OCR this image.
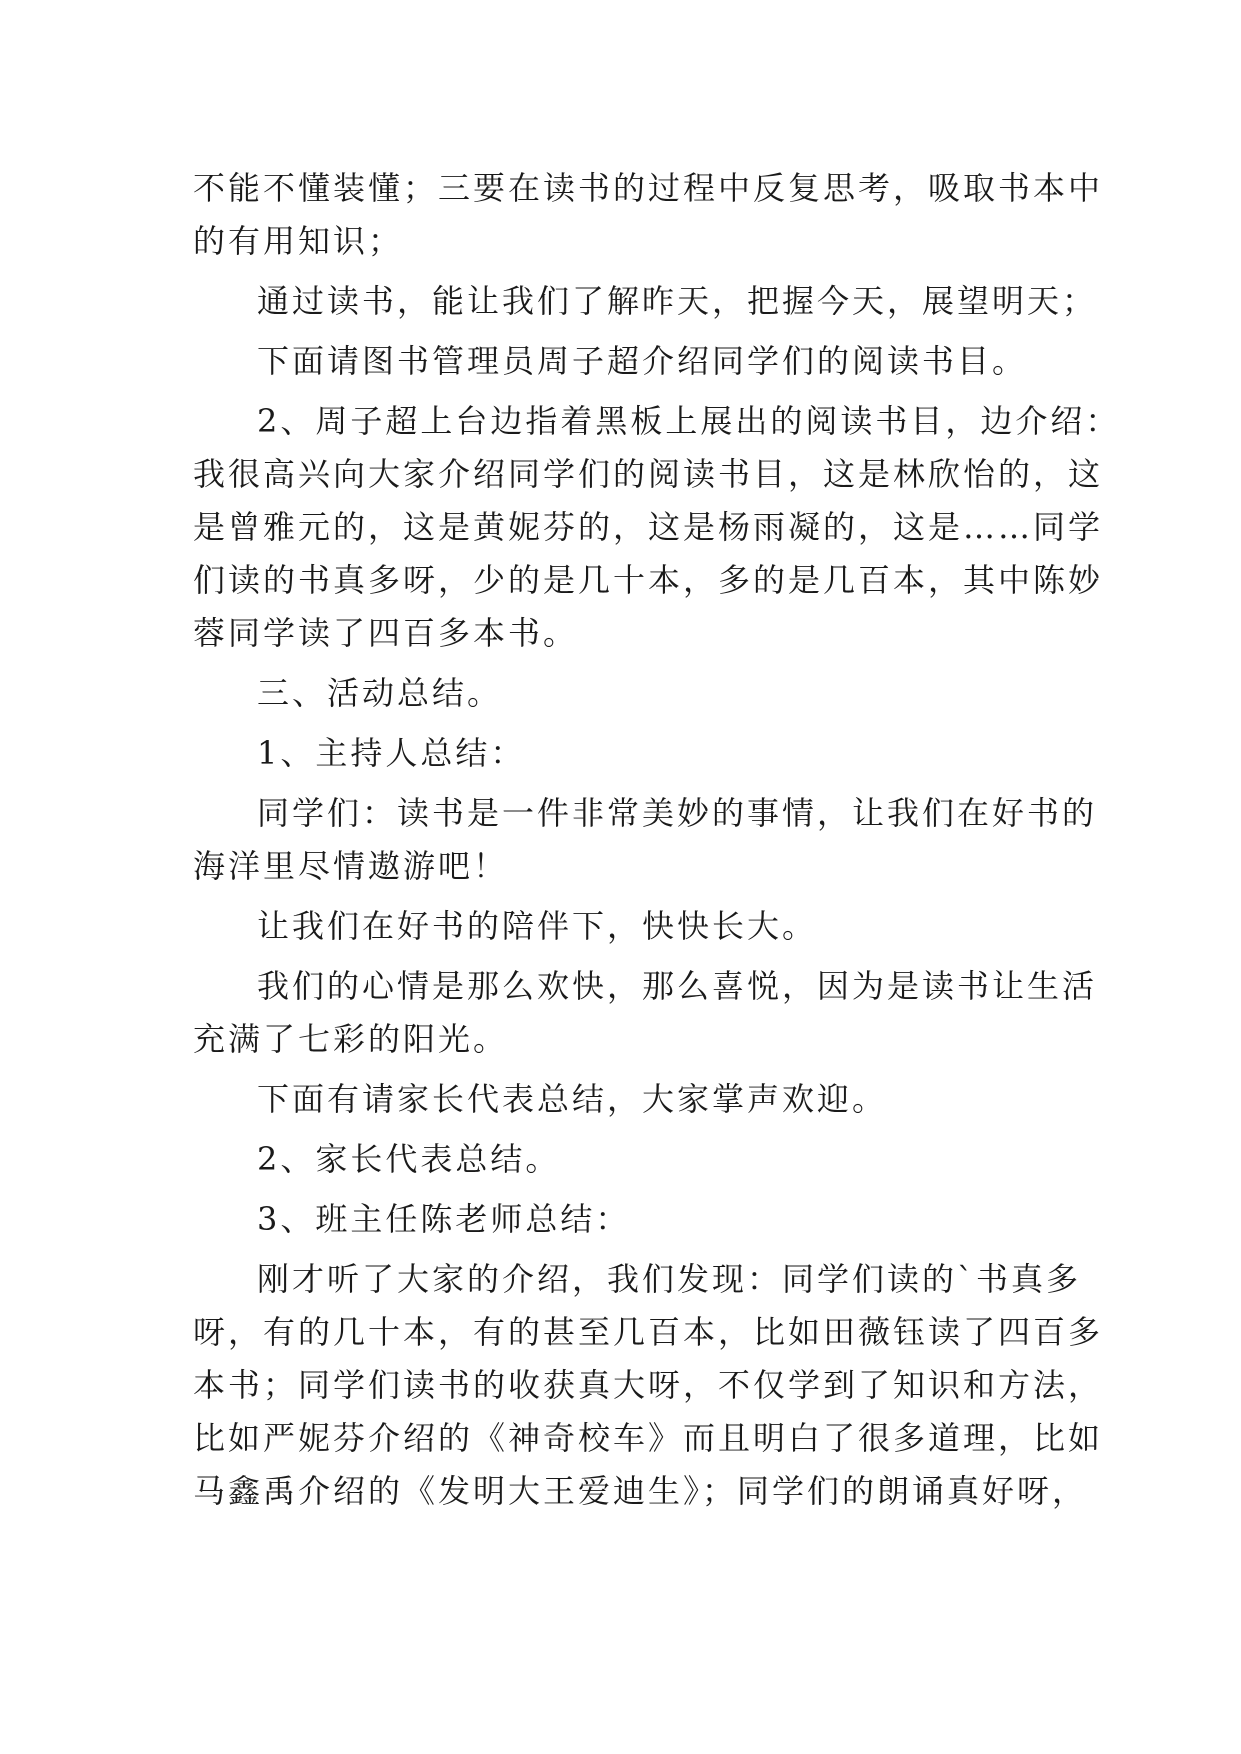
不能不懂装懂；三要在读书的过程中反复思考，吸取书本中
的有用知识；
通过读书，能让我们了解昨天，把握今天，展望明天；
下面请图书管理员周子超介绍同学们的阅读书目。
2、周子超上台边指着黑板上展出的阅读书目，边介绍：
我很高兴向大家介绍同学们的阅读书目，这是林欣怡的，这
是曾雅元的，这是黄妮芬的，这是杨雨凝的，这是……同学
们读的书真多呀，少的是几十本，多的是几百本，其中陈妙
蓉同学读了四百多本书。
三、活动总结。
1、主持人总结：
同学们：读书是一件非常美妙的事情，让我们在好书的
海洋里尽情遨游吧！
让我们在好书的陪伴下，快快长大。
我们的心情是那么欢快，那么喜悦，因为是读书让生活
充满了七彩的阳光。
下面有请家长代表总结，大家掌声欢迎。
2、家长代表总结。
3、班主任陈老师总结：
刚才听了大家的介绍，我们发现：同学们读的`书真多
呀，有的几十本，有的甚至几百本，比如田薇钰读了四百多
本书；同学们读书的收获真大呀，不仅学到了知识和方法，
比如严妮芬介绍的《神奇校车》而且明白了很多道理，比如
马鑫禹介绍的《发明大王爱迪生》；同学们的朗诵真好呀，
